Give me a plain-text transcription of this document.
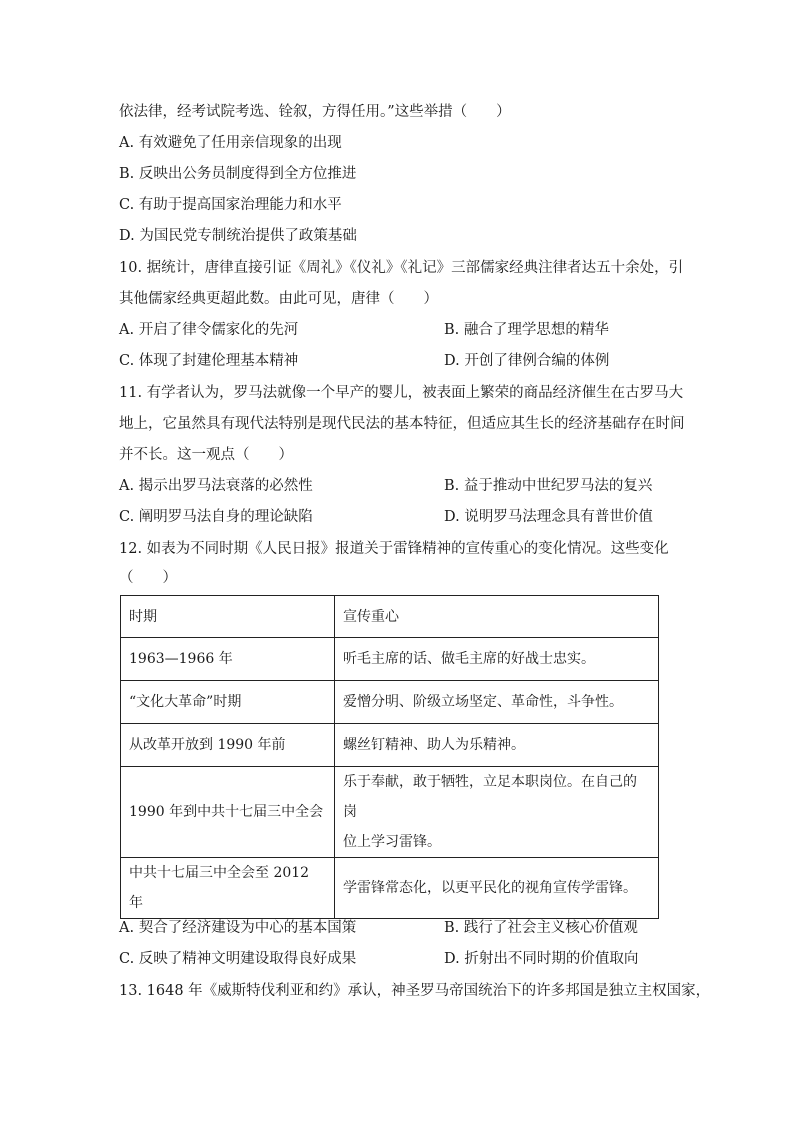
依法律，经考试院考选、铨叙，方得任用。”这些举措（　　）
A. 有效避免了任用亲信现象的出现
B. 反映出公务员制度得到全方位推进
C. 有助于提高国家治理能力和水平
D. 为国民党专制统治提供了政策基础
10. 据统计，唐律直接引证《周礼》《仪礼》《礼记》三部儒家经典注律者达五十余处，引
其他儒家经典更超此数。由此可见，唐律（　　）
A. 开启了律令儒家化的先河	B. 融合了理学思想的精华
C. 体现了封建伦理基本精神	D. 开创了律例合编的体例
11. 有学者认为，罗马法就像一个早产的婴儿，被表面上繁荣的商品经济催生在古罗马大
地上，它虽然具有现代法特别是现代民法的基本特征，但适应其生长的经济基础存在时间
并不长。这一观点（　　）
A. 揭示出罗马法衰落的必然性	B. 益于推动中世纪罗马法的复兴
C. 阐明罗马法自身的理论缺陷	D. 说明罗马法理念具有普世价值
12. 如表为不同时期《人民日报》报道关于雷锋精神的宣传重心的变化情况。这些变化
（　　）
时期	宣传重心
1963—1966 年	听毛主席的话、做毛主席的好战士忠实。
“文化大革命”时期	爱憎分明、阶级立场坚定、革命性，斗争性。
从改革开放到 1990 年前	螺丝钉精神、助人为乐精神。
1990 年到中共十七届三中全会	乐于奉献，敢于牺牲，立足本职岗位。在自己的岗
位上学习雷锋。

中共十七届三中全会至 2012 年	学雷锋常态化，以更平民化的视角宣传学雷锋。
A. 契合了经济建设为中心的基本国策	B. 践行了社会主义核心价值观
C. 反映了精神文明建设取得良好成果	D. 折射出不同时期的价值取向
13. 1648 年《威斯特伐利亚和约》承认，神圣罗马帝国统治下的许多邦国是独立主权国家，
